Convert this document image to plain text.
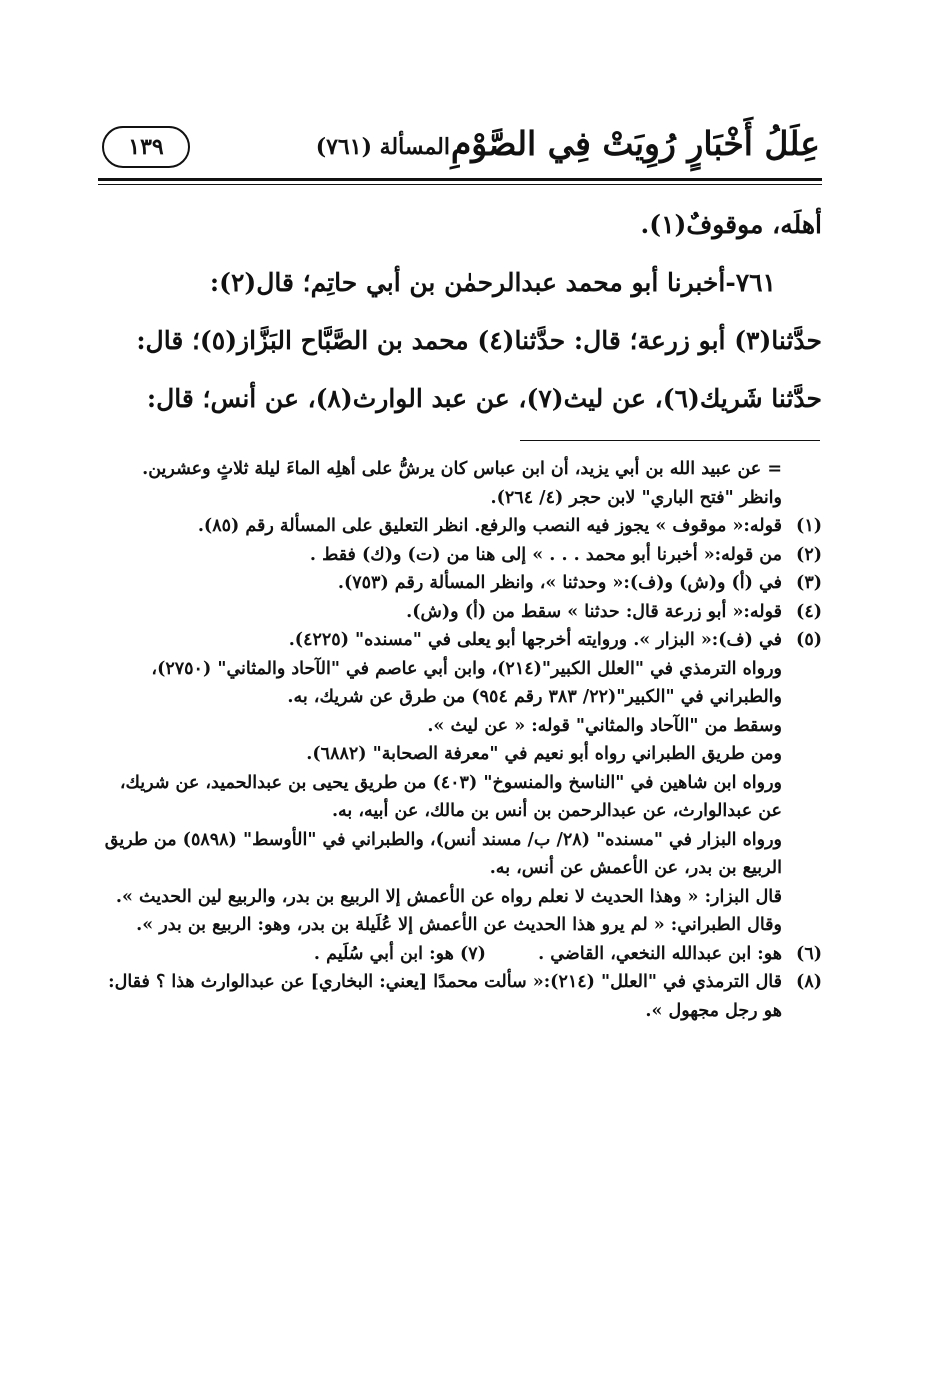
عِلَلُ أَخْبَارٍ رُوِيَتْ فِي الصَّوْمِ
المسألة (٧٦١)
١٣٩

أهلَه، موقوفٌ(١).

٧٦١-أخبرنا أبو محمد عبدالرحمٰن بن أبي حاتِم؛ قال(٢):

حدَّثنا(٣) أبو زرعة؛ قال: حدَّثنا(٤) محمد بن الصَّبَّاح البَزَّاز(٥)؛ قال:

حدَّثنا شَريك(٦)، عن ليث(٧)، عن عبد الوارث(٨)، عن أنس؛ قال:

= عن عبيد الله بن أبي يزيد، أن ابن عباس كان يرشُّ على أهلِه الماءَ ليلة ثلاثٍ وعشرين.

وانظر "فتح الباري" لابن حجر (٤/ ٢٦٤).

(١)

قوله:« موقوف » يجوز فيه النصب والرفع. انظر التعليق على المسألة رقم (٨٥).

(٢)

من قوله:« أخبرنا أبو محمد . . . » إلى هنا من (ت) و(ك) فقط .

(٣)

في (أ) و(ش) و(ف):« وحدثنا »، وانظر المسألة رقم (٧٥٣).

(٤)

قوله:« أبو زرعة قال: حدثنا » سقط من (أ) و(ش).

(٥)

في (ف):« البزار ». وروايته أخرجها أبو يعلى في "مسنده" (٤٢٢٥).

ورواه الترمذي في "العلل الكبير"(٢١٤)، وابن أبي عاصم في "الآحاد والمثاني" (٢٧٥٠)، والطبراني في "الكبير"(٢٢/ ٣٨٣ رقم ٩٥٤) من طرق عن شريك، به.

وسقط من "الآحاد والمثاني" قوله: « عن ليث ».

ومن طريق الطبراني رواه أبو نعيم في "معرفة الصحابة" (٦٨٨٢).

ورواه ابن شاهين في "الناسخ والمنسوخ" (٤٠٣) من طريق يحيى بن عبدالحميد، عن شريك، عن عبدالوارث، عن عبدالرحمن بن أنس بن مالك، عن أبيه، به.

ورواه البزار في "مسنده" (٢٨/ ب/ مسند أنس)، والطبراني في "الأوسط" (٥٨٩٨) من طريق الربيع بن بدر، عن الأعمش عن أنس، به.

قال البزار: « وهذا الحديث لا نعلم رواه عن الأعمش إلا الربيع بن بدر، والربيع لين الحديث ». وقال الطبراني: « لم يرو هذا الحديث عن الأعمش إلا عُلَيلة بن بدر، وهو: الربيع بن بدر ».

(٦)
هو: ابن عبدالله النخعي، القاضي .  (٧) هو: ابن أبي سُلَيم .
(٨)

قال الترمذي في "العلل" (٢١٤):« سألت محمدًا [يعني: البخاري] عن عبدالوارث هذا ؟ فقال: هو رجل مجهول ».
